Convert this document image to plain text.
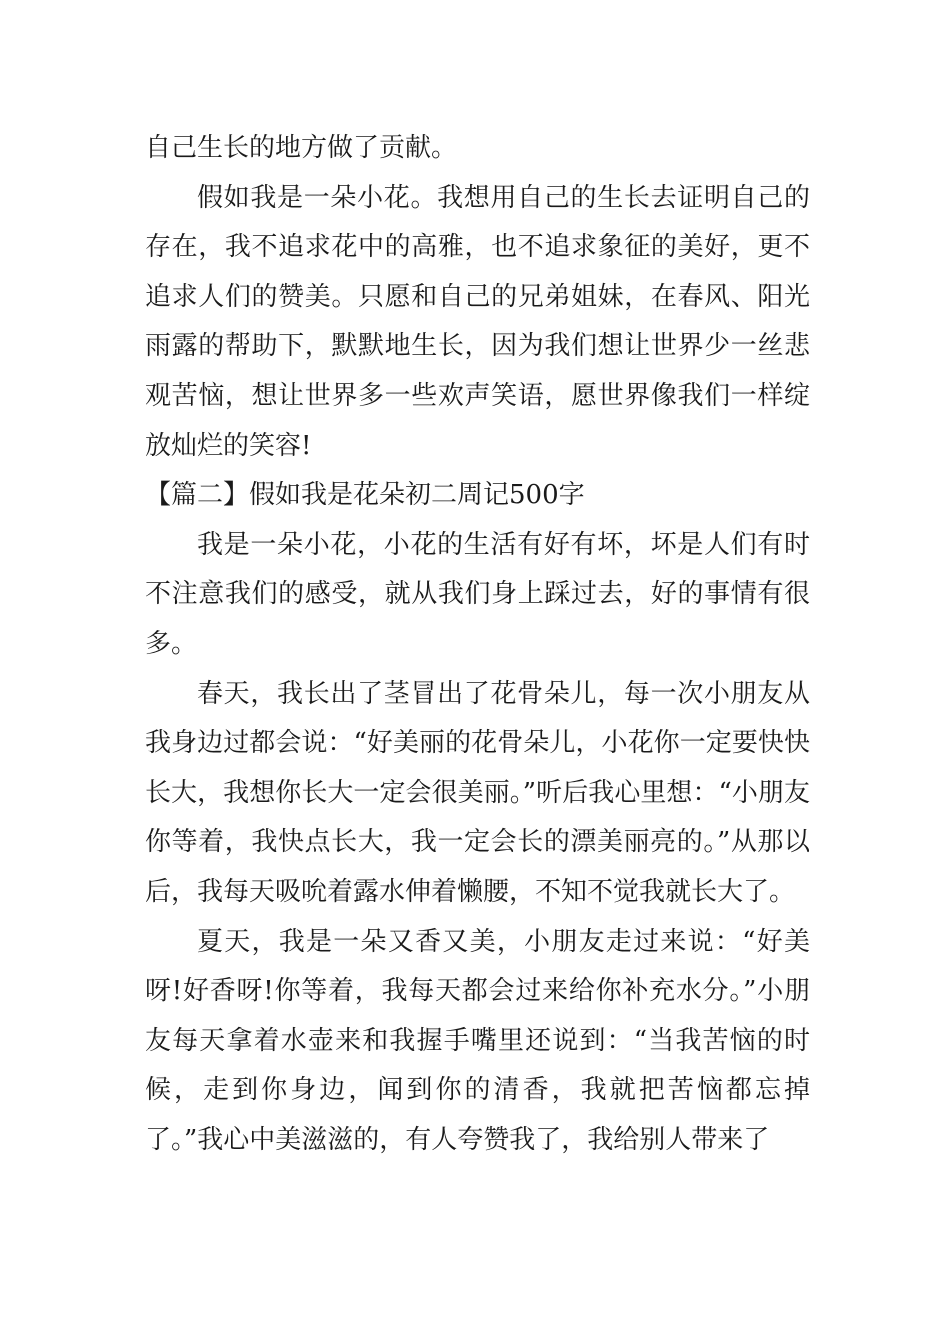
自己生长的地方做了贡献。

假如我是一朵小花。我想用自己的生长去证明自己的存在，我不追求花中的高雅，也不追求象征的美好，更不追求人们的赞美。只愿和自己的兄弟姐妹，在春风、阳光雨露的帮助下，默默地生长，因为我们想让世界少一丝悲观苦恼，想让世界多一些欢声笑语，愿世界像我们一样绽放灿烂的笑容!

【篇二】假如我是花朵初二周记500字

我是一朵小花，小花的生活有好有坏，坏是人们有时不注意我们的感受，就从我们身上踩过去，好的事情有很多。

春天，我长出了茎冒出了花骨朵儿，每一次小朋友从我身边过都会说：“好美丽的花骨朵儿，小花你一定要快快长大，我想你长大一定会很美丽。”听后我心里想：“小朋友你等着，我快点长大，我一定会长的漂美丽亮的。”从那以后，我每天吸吮着露水伸着懒腰，不知不觉我就长大了。

夏天，我是一朵又香又美，小朋友走过来说：“好美呀!好香呀!你等着，我每天都会过来给你补充水分。”小朋友每天拿着水壶来和我握手嘴里还说到：“当我苦恼的时候，走到你身边，闻到你的清香，我就把苦恼都忘掉了。”我心中美滋滋的，有人夸赞我了，我给别人带来了
